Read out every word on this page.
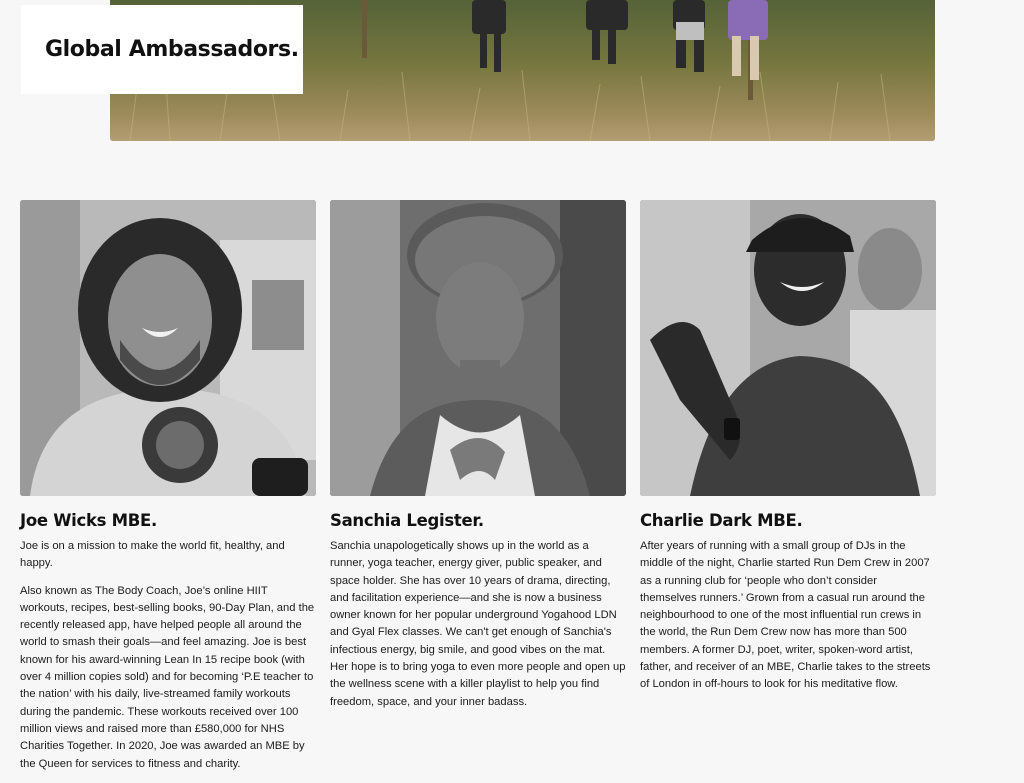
Global Ambassadors.
Joe Wicks MBE.

Joe is on a mission to make the world fit, healthy, and happy.

Also known as The Body Coach, Joe’s online HIIT workouts, recipes, best-selling books, 90-Day Plan, and the recently released app, have helped people all around the world to smash their goals—and feel amazing. Joe is best known for his award-winning Lean In 15 recipe book (with over 4 million copies sold) and for becoming ‘P.E teacher to the nation’ with his daily, live-streamed family workouts during the pandemic. These workouts received over 100 million views and raised more than £580,000 for NHS Charities Together. In 2020, Joe was awarded an MBE by the Queen for services to fitness and charity.

Sanchia Legister.

Sanchia unapologetically shows up in the world as a runner, yoga teacher, energy giver, public speaker, and space holder. She has over 10 years of drama, directing, and facilitation experience—and she is now a business owner known for her popular underground Yogahood LDN and Gyal Flex classes. We can't get enough of Sanchia's infectious energy, big smile, and good vibes on the mat. Her hope is to bring yoga to even more people and open up the wellness scene with a killer playlist to help you find freedom, space, and your inner badass.

Charlie Dark MBE.

After years of running with a small group of DJs in the middle of the night, Charlie started Run Dem Crew in 2007 as a running club for ‘people who don’t consider themselves runners.’ Grown from a casual run around the neighbourhood to one of the most influential run crews in the world, the Run Dem Crew now has more than 500 members. A former DJ, poet, writer, spoken-word artist, father, and receiver of an MBE, Charlie takes to the streets of London in off-hours to look for his meditative flow.
